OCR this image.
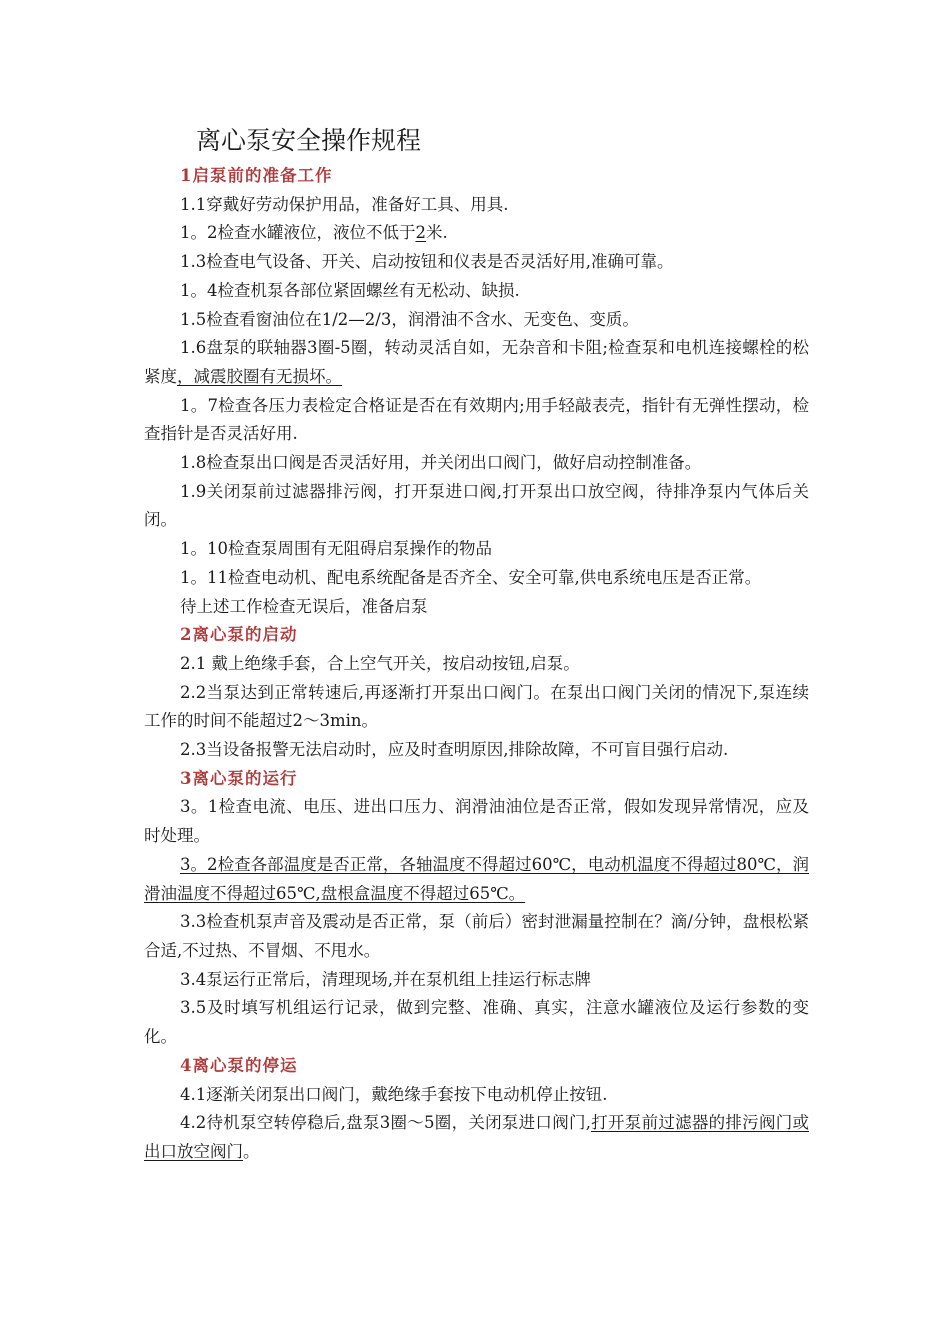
离心泵安全操作规程

1启泵前的准备工作

1.1穿戴好劳动保护用品，准备好工具、用具.

1。2检查水罐液位，液位不低于2米.

1.3检查电气设备、开关、启动按钮和仪表是否灵活好用,准确可靠。

1。4检查机泵各部位紧固螺丝有无松动、缺损.

1.5检查看窗油位在1/2—2/3，润滑油不含水、无变色、变质。

1.6盘泵的联轴器3圈-5圈，转动灵活自如，无杂音和卡阻;检查泵和电机连接螺栓的松紧度，减震胶圈有无损坏。

1。7检查各压力表检定合格证是否在有效期内;用手轻敲表壳，指针有无弹性摆动，检查指针是否灵活好用.

1.8检查泵出口阀是否灵活好用，并关闭出口阀门，做好启动控制准备。

1.9关闭泵前过滤器排污阀，打开泵进口阀,打开泵出口放空阀，待排净泵内气体后关闭。

1。10检查泵周围有无阻碍启泵操作的物品

1。11检查电动机、配电系统配备是否齐全、安全可靠,供电系统电压是否正常。

待上述工作检查无误后，准备启泵

2离心泵的启动

2.1 戴上绝缘手套，合上空气开关，按启动按钮,启泵。

2.2当泵达到正常转速后,再逐渐打开泵出口阀门。在泵出口阀门关闭的情况下,泵连续工作的时间不能超过2～3min。

2.3当设备报警无法启动时，应及时查明原因,排除故障，不可盲目强行启动.

3离心泵的运行

3。1检查电流、电压、进出口压力、润滑油油位是否正常，假如发现异常情况，应及时处理。

3。2检查各部温度是否正常，各轴温度不得超过60℃，电动机温度不得超过80℃，润滑油温度不得超过65℃,盘根盒温度不得超过65℃。

3.3检查机泵声音及震动是否正常，泵（前后）密封泄漏量控制在？滴/分钟，盘根松紧合适,不过热、不冒烟、不甩水。

3.4泵运行正常后，清理现场,并在泵机组上挂运行标志牌

3.5及时填写机组运行记录，做到完整、准确、真实，注意水罐液位及运行参数的变化。

4离心泵的停运

4.1逐渐关闭泵出口阀门，戴绝缘手套按下电动机停止按钮.

4.2待机泵空转停稳后,盘泵3圈～5圈，关闭泵进口阀门,打开泵前过滤器的排污阀门或出口放空阀门。
